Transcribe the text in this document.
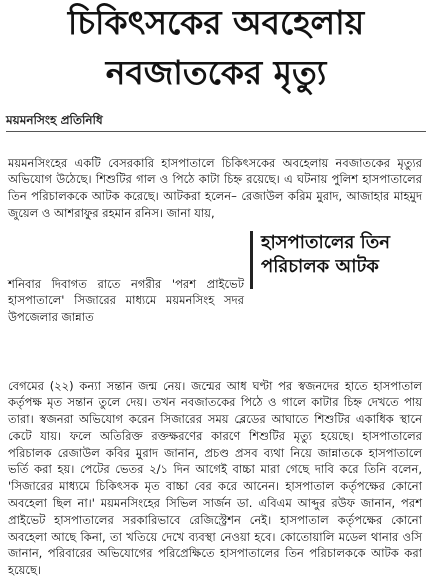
চিকিৎসকের অবহেলায়
নবজাতকের মৃত্যু
ময়মনসিংহ প্রতিনিধি

ময়মনসিংহের একটি বেসরকারি হাসপাতালে চিকিৎসকের অবহেলায় নবজাতকের মৃত্যুর অভিযোগ উঠেছে। শিশুটির গাল ও পিঠে কাটা চিহ্ন রয়েছে। এ ঘটনায় পুলিশ হাসপাতালের তিন পরিচালককে আটক করেছে। আটকরা হলেন– রেজাউল করিম মুরাদ, আজাহার মাহমুদ জুয়েল ও আশরাফুর রহমান রনিস। জানা যায়,

শনিবার দিবাগত রাতে নগরীর 'পরশ প্রাইভেট হাসপাতালে' সিজারের মাধ্যমে ময়মনসিংহ সদর উপজেলার জান্নাত

হাসপাতালের তিন
পরিচালক আটক

বেগমের (২২) কন্যা সন্তান জন্ম নেয়। জন্মের আধ ঘণ্টা পর স্বজনদের হাতে হাসপাতাল কর্তৃপক্ষ মৃত সন্তান তুলে দেয়। তখন নবজাতকের পিঠে ও গালে কাটার চিহ্ন দেখতে পায় তারা। স্বজনরা অভিযোগ করেন সিজারের সময় ব্লেডের আঘাতে শিশুটির একাধিক স্থানে কেটে যায়। ফলে অতিরিক্ত রক্তক্ষরণের কারণে শিশুটির মৃত্যু হয়েছে। হাসপাতালের পরিচালক রেজাউল কবির মুরাদ জানান, প্রচণ্ড প্রসব ব্যথা নিয়ে জান্নাতকে হাসপাতালে ভর্তি করা হয়। পেটের ভেতর ২/১ দিন আগেই বাচ্চা মারা গেছে দাবি করে তিনি বলেন, 'সিজারের মাধ্যমে চিকিৎসক মৃত বাচ্চা বের করে আনেন। হাসপাতাল কর্তৃপক্ষের কোনো অবহেলা ছিল না।' ময়মনসিংহের সিভিল সার্জন ডা. এবিএম আব্দুর রউফ জানান, পরশ প্রাইভেট হাসপাতালের সরকারিভাবে রেজিস্ট্রেশন নেই। হাসপাতাল কর্তৃপক্ষের কোনো অবহেলা আছে কিনা, তা খতিয়ে দেখে ব্যবস্থা নেওয়া হবে। কোতোয়ালি মডেল থানার ওসি জানান, পরিবারের অভিযোগের পরিপ্রেক্ষিতে হাসপাতালের তিন পরিচালককে আটক করা হয়েছে।
